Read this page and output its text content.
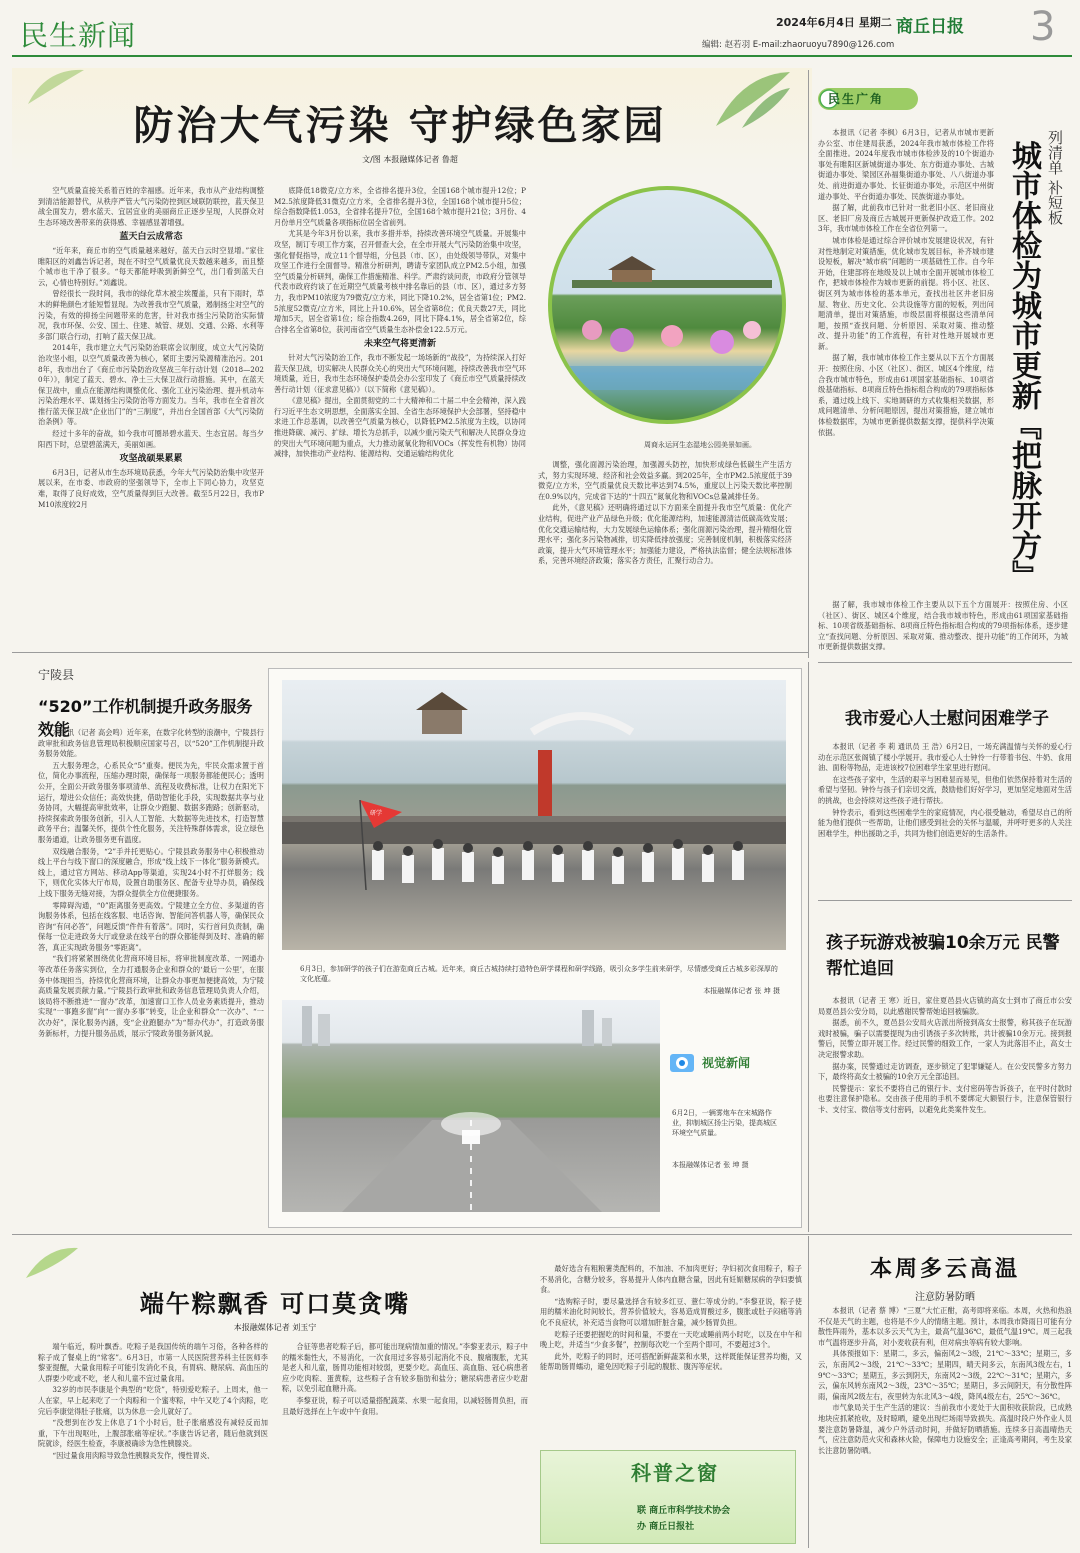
民生新闻	2024年6月4日 星期二 商丘日报 3
编辑: 赵若羽 E-mail:zhaoruoyu7890@126.com
防治大气污染 守护绿色家园
文/图 本报融媒体记者 鲁超

空气质量直接关系着百姓的幸福感。近年来，我市从产业结构调整到清洁能源替代，从秩序严管大气污染防控到区域联防联控，蓝天保卫战全面发力，碧水蓝天、宜居宜业的美丽商丘正逐步呈现，人民群众对生态环境改善带来的获得感、幸福感显著增强。

蓝天白云成常态

“近年来，商丘市的空气质量越来越好，蓝天白云时空显增。”家住睢阳区的刘鑫告诉记者，现在不时空气质量优良天数越来越多，而且整个城市也干净了很多。“每天都能呼吸到新鲜空气，出门看到蓝天白云，心情也特别好。”刘鑫说。

曾经很长一段时间，我市的绿化草木被尘埃覆盖，只有下雨时，草木的鲜艳颜色才能短暂显现。为改善我市空气质量，遏制扬尘对空气的污染，有效的抑扬尘问题带来的危害，针对我市扬尘污染防治实际情况，我市环保、公安、国土、住建、城管、规划、交通、公路、水利等多部门联合行动，打响了蓝天保卫战。

2014年，我市建立大气污染防治联席会议制度，成立大气污染防治攻坚小组，以空气质量改善为核心，紧盯主要污染源精准治污。2018年，我市出台了《商丘市污染防治攻坚战三年行动计划（2018—2020年）》，制定了蓝天、碧水、净土三大保卫战行动措施。其中，在蓝天保卫战中，重点在能源结构调整优化、强化工业污染治理、提升机动车污染治理水平、谋划扬尘污染防治等方面发力。当年，我市在全省首次推行蓝天保卫战“企业出门”的“三制度”，并出台全国首部《大气污染防治条例》等。

经过十多年的奋战，如今我市可圈昂碧水蓝天、生态宜居。每当夕阳西下时，总望碧蓝满天，美丽如画。

攻坚战硕果累累

6月3日，记者从市生态环境局获悉，今年大气污染防治集中攻坚开展以来，在市委、市政府的坚强领导下，全市上下同心协力，攻坚克难，取得了良好成效，空气质量得到巨大改善。截至5月22日，我市PM10浓度较2月

底降低18微克/立方米，全省排名提升3位，全国168个城市提升12位；PM2.5浓度降低31微克/立方米，全省排名提升3位，全国168个城市提升5位；综合指数降低1.053，全省排名提升7位，全国168个城市提升21位；3月份、4月份单月空气质量各项指标位居全省前列。

尤其是今年3月份以来，我市多措并举，持续改善环境空气质量。开展集中攻坚，制订专项工作方案，召开督查大会，在全市开展大气污染防治集中攻坚，强化督促指导，成立11个督导组，分包县（市、区），由处级领导带队，对集中攻坚工作进行全面督导。精准分析研判，聘请专家团队成立PM2.5小组，加强空气质量分析研判，确保工作措施精准、科学。严肃约谈问责，市政府分管领导代表市政府约谈了在近期空气质量考核中排名靠后的县（市、区），通过多方努力，我市PM10浓度为79微克/立方米，同比下降10.2%，居全省第1位；PM2.5浓度52微克/立方米，同比上升10.6%，居全省第8位；优良天数27天，同比增加5天，居全省第1位；综合指数4.269，同比下降4.1%，居全省第2位，综合排名全省第8位，获河南省空气质量生态补偿金122.5万元。

未来空气将更清新

针对大气污染防治工作，我市不断发起一场场新的“战役”，为持续深入打好蓝天保卫战，切实解决人民群众关心的突出大气环境问题，持续改善我市空气环境质量，近日，我市生态环境保护委员会办公室印发了《商丘市空气质量持续改善行动计划（征求意见稿）》（以下简称《意见稿》）。

《意见稿》提出，全面贯彻党的二十大精神和二十届二中全会精神，深入践行习近平生态文明思想，全面落实全国、全省生态环境保护大会部署，坚持稳中求进工作总基调，以改善空气质量为核心，以降低PM2.5浓度为主线，以协同推进降碳、减污、扩绿、增长为总抓手，以减少重污染天气和解决人民群众身边的突出大气环境问题为重点，大力推动氮氧化物和VOCs（挥发性有机物）协同减排，加快推动产业结构、能源结构、交通运输结构优化

周商永运河生态湿地公园美景如画。

调整，强化面源污染治理，加强源头防控，加快形成绿色低碳生产生活方式，努力实现环境、经济和社会效益多赢。到2025年，全市PM2.5浓度低于39微克/立方米，空气质量优良天数比率达到74.5%，重度以上污染天数比率控制在0.9%以内，完成省下达的“十四五”氮氧化物和VOCs总量减排任务。

此外，《意见稿》还明确将通过以下方面来全面提升我市空气质量：优化产业结构，促进产业产品绿色升级；优化能源结构，加速能源清洁低碳高效发展；优化交通运输结构，大力发展绿色运输体系；强化面源污染治理，提升精细化管理水平；强化多污染物减排，切实降低排放强度；完善制度机制，积极落实经济政策，提升大气环境管理水平；加强能力建设，严格执法监督；健全法规标准体系，完善环境经济政策；落实各方责任，汇聚行动合力。

民生广角

本报讯（记者 李枫）6月3日，记者从市城市更新办公室、市住建局获悉，2024年我市城市体检工作将全面推进。2024年度我市城市体检涉及的10个街道办事处有睢阳区新城街道办事处、东方街道办事处、古城街道办事处、梁园区孙福集街道办事处、八八街道办事处、前进街道办事处、长征街道办事处，示范区中州街道办事处、平台街道办事处、民族街道办事处。

据了解，此前我市已针对一批老旧小区、老旧商业区、老旧厂房及商丘古城展开更新保护改造工作。2023年，我市城市体检工作在全省位列第一。

城市体检是通过综合评价城市发展建设状况，有针对性地制定对策措施，优化城市发展目标，补齐城市建设短板，解决“城市病”问题的一项基础性工作。自今年开始，住建部将在地级及以上城市全面开展城市体检工作，把城市体检作为城市更新的前提。将小区、社区、街区列为城市体检的基本单元，查找出社区井老旧房屋、物业、历史文化、公共设施等方面的短板，列出问题清单，提出对策措施，市级层面将根据这些清单问题，按照“查找问题、分析原因、采取对策、推动整改、提升功能”的工作流程，有针对性地开展城市更新。

据了解，我市城市体检工作主要从以下五个方面展开：按照住房、小区（社区）、街区、城区4个维度，结合我市城市特色，形成由61项国家基础指标、10项省级基础指标、8项商丘特色指标组合构成的79项指标体系，通过线上线下、实地调研的方式收集相关数据，形成问题清单、分析问题原因，提出对策措施，建立城市体检数据库，为城市更新提供数据支撑，提供科学决策依据。

据了解，我市城市体检工作主要从以下五个方面展开：按照住房、小区（社区）、街区、城区4个维度，结合我市城市特色，形成由61项国家基础指标、10项省级基础指标、8项商丘特色指标组合构成的79项指标体系，逐步建立“查找问题、分析原因、采取对策、推动整改、提升功能”的工作闭环，为城市更新提供数据支撑。

列清单 补短板
城市体检为城市更新『把脉开方』
宁陵县
“520”工作机制提升政务服务效能

本报讯（记者 高会鸣）近年来，在数字化转型的浪潮中，宁陵县行政审批和政务信息管理局积极顺应国家号召，以“520”工作机制提升政务服务效能。

五大服务理念，心系民众“5”重奏。便民为先，牢民众需求置于首位，简化办事流程，压缩办理时限，确保每一项服务都能便民心；透明公开，全面公开政务服务事项清单、流程及收费标准，让权力在阳光下运行，增进公众信任；高效快捷，借助智能化手段，实现数据共享与业务协同，大幅提高审批效率，让群众少跑腿、数据多跑路；创新驱动，持续探索政务服务创新，引入人工智能、大数据等先进技术，打造智慧政务平台；温馨关怀，提供个性化服务，关注特殊群体需求，设立绿色服务通道，让政务服务更有温度。

双线融合服务，“2”手并托更贴心。宁陵县政务服务中心积极推动线上平台与线下窗口的深度融合，形成“线上线下一体化”服务新模式。线上，通过官方网站、移动App等渠道，实现24小时不打烊服务；线下，则优化实体大厅布局，设置自助服务区、配备专业导办员，确保线上线下服务无缝对接，为群众提供全方位便捷服务。

零障碍沟通，“0”距离服务更高效。宁陵建立全方位、多渠道的咨询服务体系，包括在线客服、电话咨询、智能问答机器人等，确保民众咨询“有问必答”，问题反馈“件件有着落”。同时，实行首问负责制，确保每一位走进政务大厅或登录在线平台的群众都能得到及时、准确的解答，真正实现政务服务“零距离”。

“我们将紧紧围绕优化营商环境目标，将审批制度改革、一网通办等改革任务落实到位，全力打通服务企业和群众的‘最后一公里’，在服务中体现担当，持续优化营商环境，让群众办事更加便捷高效，为宁陵高质量发展贡献力量。”宁陵县行政审批和政务信息管理局负责人介绍，该局将不断推进“一窗办”改革，加速窗口工作人员业务素质提升，推动实现“一事跑多窗”向“一窗办多事”转变，让企业和群众“一次办”、“一次办好”，深化服务内涵，变“企业跑腿办”为“帮办代办”，打造政务服务新标杆，力提升服务品质，展示宁陵政务服务新风貌。

研学
6月3日，参加研学的孩子们在游览商丘古城。近年来，商丘古城持续打造特色研学课程和研学线路，吸引众多学生前来研学，尽情感受商丘古城多彩深厚的文化底蕴。
本报融媒体记者 张 坤 摄
视觉新闻
6月2日，一辆雾炮车在宋城路作业，抑制城区扬尘污染，提高城区环境空气质量。
本报融媒体记者 张 坤 摄
我市爱心人士慰问困难学子

本报讯（记者 李 莉 通讯员 王 浩）6月2日，一场充满温情与关怀的爱心行动在示范区张阁镇了楼小学展开。我市爱心人士钟怜一行带着书包、牛奶、食用油、面粉等物品，走进该校7位困难学生家里进行慰问。

在这些孩子家中，生活的艰辛与困难显而易见，但他们依然保持着对生活的希望与坚韧。钟怜与孩子们亲切交流，鼓励他们好好学习，更加坚定地面对生活的挑战，也会持续对这些孩子进行帮扶。

钟怜表示，看到这些困难学生的家庭情况，内心很受触动，希望尽自己的所能为他们提供一些帮助，让他们感受到社会的关怀与温暖，并呼吁更多的人关注困难学生，伸出援助之手，共同为他们创造更好的生活条件。

孩子玩游戏被骗10余万元 民警帮忙追回

本报讯（记者 王 寒）近日，家住夏邑县火店镇的高女士到市了商丘市公安局夏邑县公安分局，以此感谢民警帮她追回被骗款。

据悉，前不久，夏邑县公安局火店派出所接到高女士报警，称其孩子在玩游戏时被骗，骗子以需要提现为由引诱孩子多次转账，共计被骗10余万元。接到报警后，民警立即开展工作。经过民警的细致工作，一家人为此落泪不止，高女士决定报警求助。

据办案，民警通过走访调查，逐步锁定了犯罪嫌疑人。在公安民警多方努力下，最终将高女士被骗的10余万元全部追回。

民警提示：家长不要将自己的银行卡、支付密码等告诉孩子，在平时付款时也要注意保护隐私。交由孩子使用的手机不要绑定大额银行卡，注意保管银行卡、支付宝、微信等支付密码，以避免此类案件发生。

端午粽飘香 可口莫贪嘴
本报融媒体记者 刘玉宁

端午临近，粽叶飘香。吃粽子是我国传统的端午习俗，各种各样的粽子成了餐桌上的“常客”。6月3日，市第一人民医院营养科主任医师李黎亚提醒，大量食用粽子可能引发消化不良，有胃病、糖尿病、高血压的人群要少吃或不吃，老人和儿童不宜过量食用。

32岁的市民李康是个典型的“吃货”，特别爱吃粽子。上周末，他一人在家，早上起来吃了一个肉粽和一个蜜枣粽，中午又吃了4个肉粽，吃完后李康觉得肚子胀痛，以为休息一会儿就好了。

“没想到在沙发上休息了1个小时后，肚子胀痛感没有减轻反而加重，下午出现呕吐，上腹部胀痛等症状。”李康告诉记者，随后他就到医院就诊，经医生检查，李康被确诊为急性胰腺炎。

“因过量食用肉粽导致急性胰腺炎发作，慢性胃炎、

合征等患者吃粽子后，都可能出现病情加重的情况。”李黎亚表示，粽子中的糯米黏性大，不易消化，一次食用过多容易引起消化不良、腹痛腹胀，尤其是老人和儿童，肠胃功能相对较弱，更要少吃。高血压、高血脂、冠心病患者应少吃肉粽、蛋黄粽，这些粽子含有较多脂肪和盐分；糖尿病患者应少吃甜粽，以免引起血糖升高。

李黎亚说，粽子可以适量搭配蔬菜、水果一起食用，以减轻肠胃负担，而且最好选择在上午或中午食用。

最好选含有粗粮薯类配料的，不加油、不加肉更好；孕妇初次食用粽子，粽子不易消化，含糖分较多，容易提升人体内血糖含量，因此有妊娠糖尿病的孕妇要慎食。

“选购粽子时，要尽量选择含有较多红豆、薏仁等成分的。”李黎亚说，粽子使用的糯米油化时间较长，营养价值较大，容易造成胃酸过多，腹胀或肚子闷痛等消化不良症状，补充适当食物可以增加肝脏含量，减少肠胃负担。

吃粽子还要把握吃的时间和量，不要在一天吃或睡前两小时吃，以及在中午和晚上吃，并适当“少食多餐”，控制每次吃一个至两个即可，不要超过3个。

此外，吃粽子的同时，还可搭配新鲜蔬菜和水果，这样既能保证营养均衡，又能帮助肠胃蠕动，避免因吃粽子引起的腹胀、腹泻等症状。

科普之窗
联 商丘市科学技术协会
办 商丘日报社
本周多云高温
注意防暑防晒

本报讯（记者 蔡 博）“三夏”大忙正酣，高考即将来临。本周，火热和热浪不仅是天气的主题，也将是不少人的情绪主题。预计，本周我市降雨日可能有分散性阵雨外，基本以多云天气为主，最高气温36℃，最低气温19℃。周三起我市气温将逐步升高，对小麦收获有利，但对病虫等病有较大影响。

具体预报如下：星期二，多云，偏南风2～3级，21℃～33℃；星期三，多云，东南风2～3级，21℃～33℃；星期四，晴天间多云，东南风3级左右，19℃～33℃；星期五，多云到阴天，东南风2～3级，22℃～31℃；星期六，多云，偏东风转东南风2～3级，23℃～35℃；星期日，多云间阴天，有分散性阵雨，偏南风2级左右，夜里转为东北风3～4级，降风4级左右，25℃～36℃。

市气象局关于生产生活的建议：当前我市小麦处于大面积收获阶段，已成熟地块应抓紧抢收，及时晾晒，避免出现烂场雨导致损失。高温时段户外作业人员要注意防暑降温，减少户外活动时间，并做好防晒措施。连续多日高温晴热天气，应注意防范火灾和森林火险，保障电力设施安全；正逢高考期间，考生及家长注意防暑防晒。
